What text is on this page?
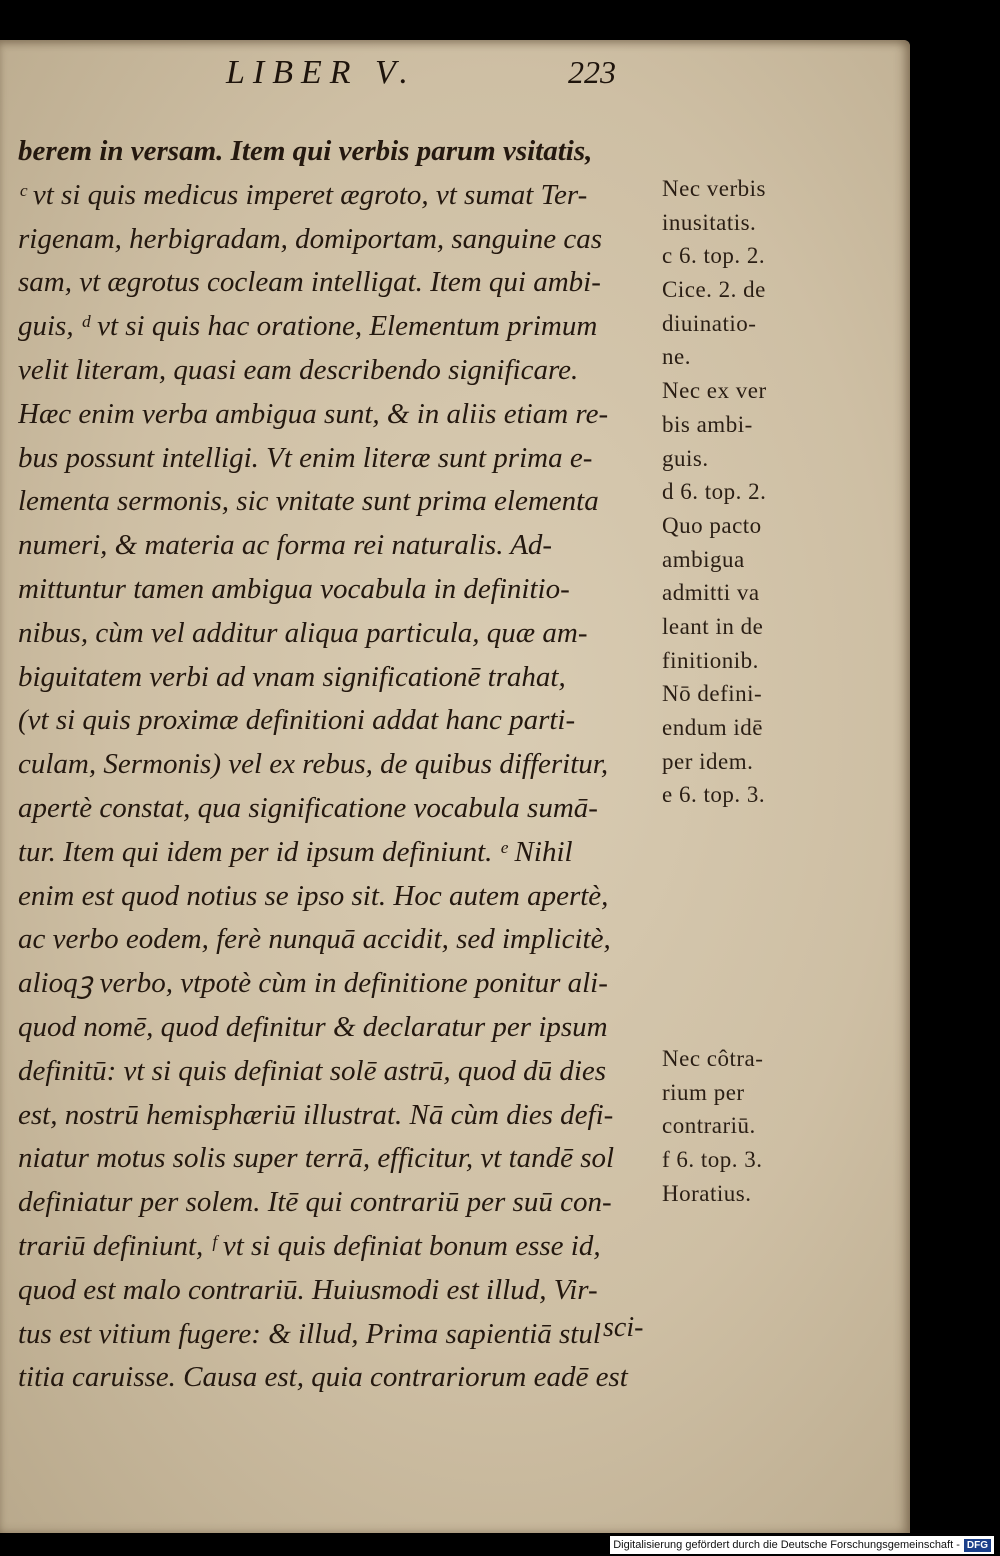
LIBER V.	223
berem in versam. Item qui verbis parum vsitatis,
ᶜ vt si quis medicus imperet ægroto, vt sumat Ter-
rigenam, herbigradam, domiportam, sanguine cas
sam, vt ægrotus cocleam intelligat. Item qui ambi-
guis, ᵈ vt si quis hac oratione, Elementum primum
velit literam, quasi eam describendo significare.
Hæc enim verba ambigua sunt, & in aliis etiam re-
bus possunt intelligi. Vt enim literæ sunt prima e-
lementa sermonis, sic vnitate sunt prima elementa
numeri, & materia ac forma rei naturalis. Ad-
mittuntur tamen ambigua vocabula in definitio-
nibus, cùm vel additur aliqua particula, quæ am-
biguitatem verbi ad vnam significationē trahat,
(vt si quis proximæ definitioni addat hanc parti-
culam, Sermonis) vel ex rebus, de quibus differitur,
apertè constat, qua significatione vocabula sumā-
tur. Item qui idem per id ipsum definiunt. ᵉ Nihil
enim est quod notius se ipso sit. Hoc autem apertè,
ac verbo eodem, ferè nunquā accidit, sed implicitè,
alioqꝫ verbo, vtpotè cùm in definitione ponitur ali-
quod nomē, quod definitur & declaratur per ipsum
definitū: vt si quis definiat solē astrū, quod dū dies
est, nostrū hemisphæriū illustrat. Nā cùm dies defi-
niatur motus solis super terrā, efficitur, vt tandē sol
definiatur per solem. Itē qui contrariū per suū con-
trariū definiunt, ᶠ vt si quis definiat bonum esse id,
quod est malo contrariū. Huiusmodi est illud, Vir-
tus est vitium fugere: & illud, Prima sapientiā stul
titia caruisse. Causa est, quia contrariorum eadē est
Nec verbis
inusitatis.
c 6. top. 2.
Cice. 2. de
diuinatio-
ne.
Nec ex ver
bis ambi-
guis.
d 6. top. 2.
Quo pacto
ambigua
admitti va
leant in de
finitionib.
Nō defini-
endum idē
per idem.
e 6. top. 3.
Nec côtra-
rium per
contrariū.
f 6. top. 3.
Horatius.
sci-
Digitalisierung gefördert durch die Deutsche Forschungsgemeinschaft - DFG
